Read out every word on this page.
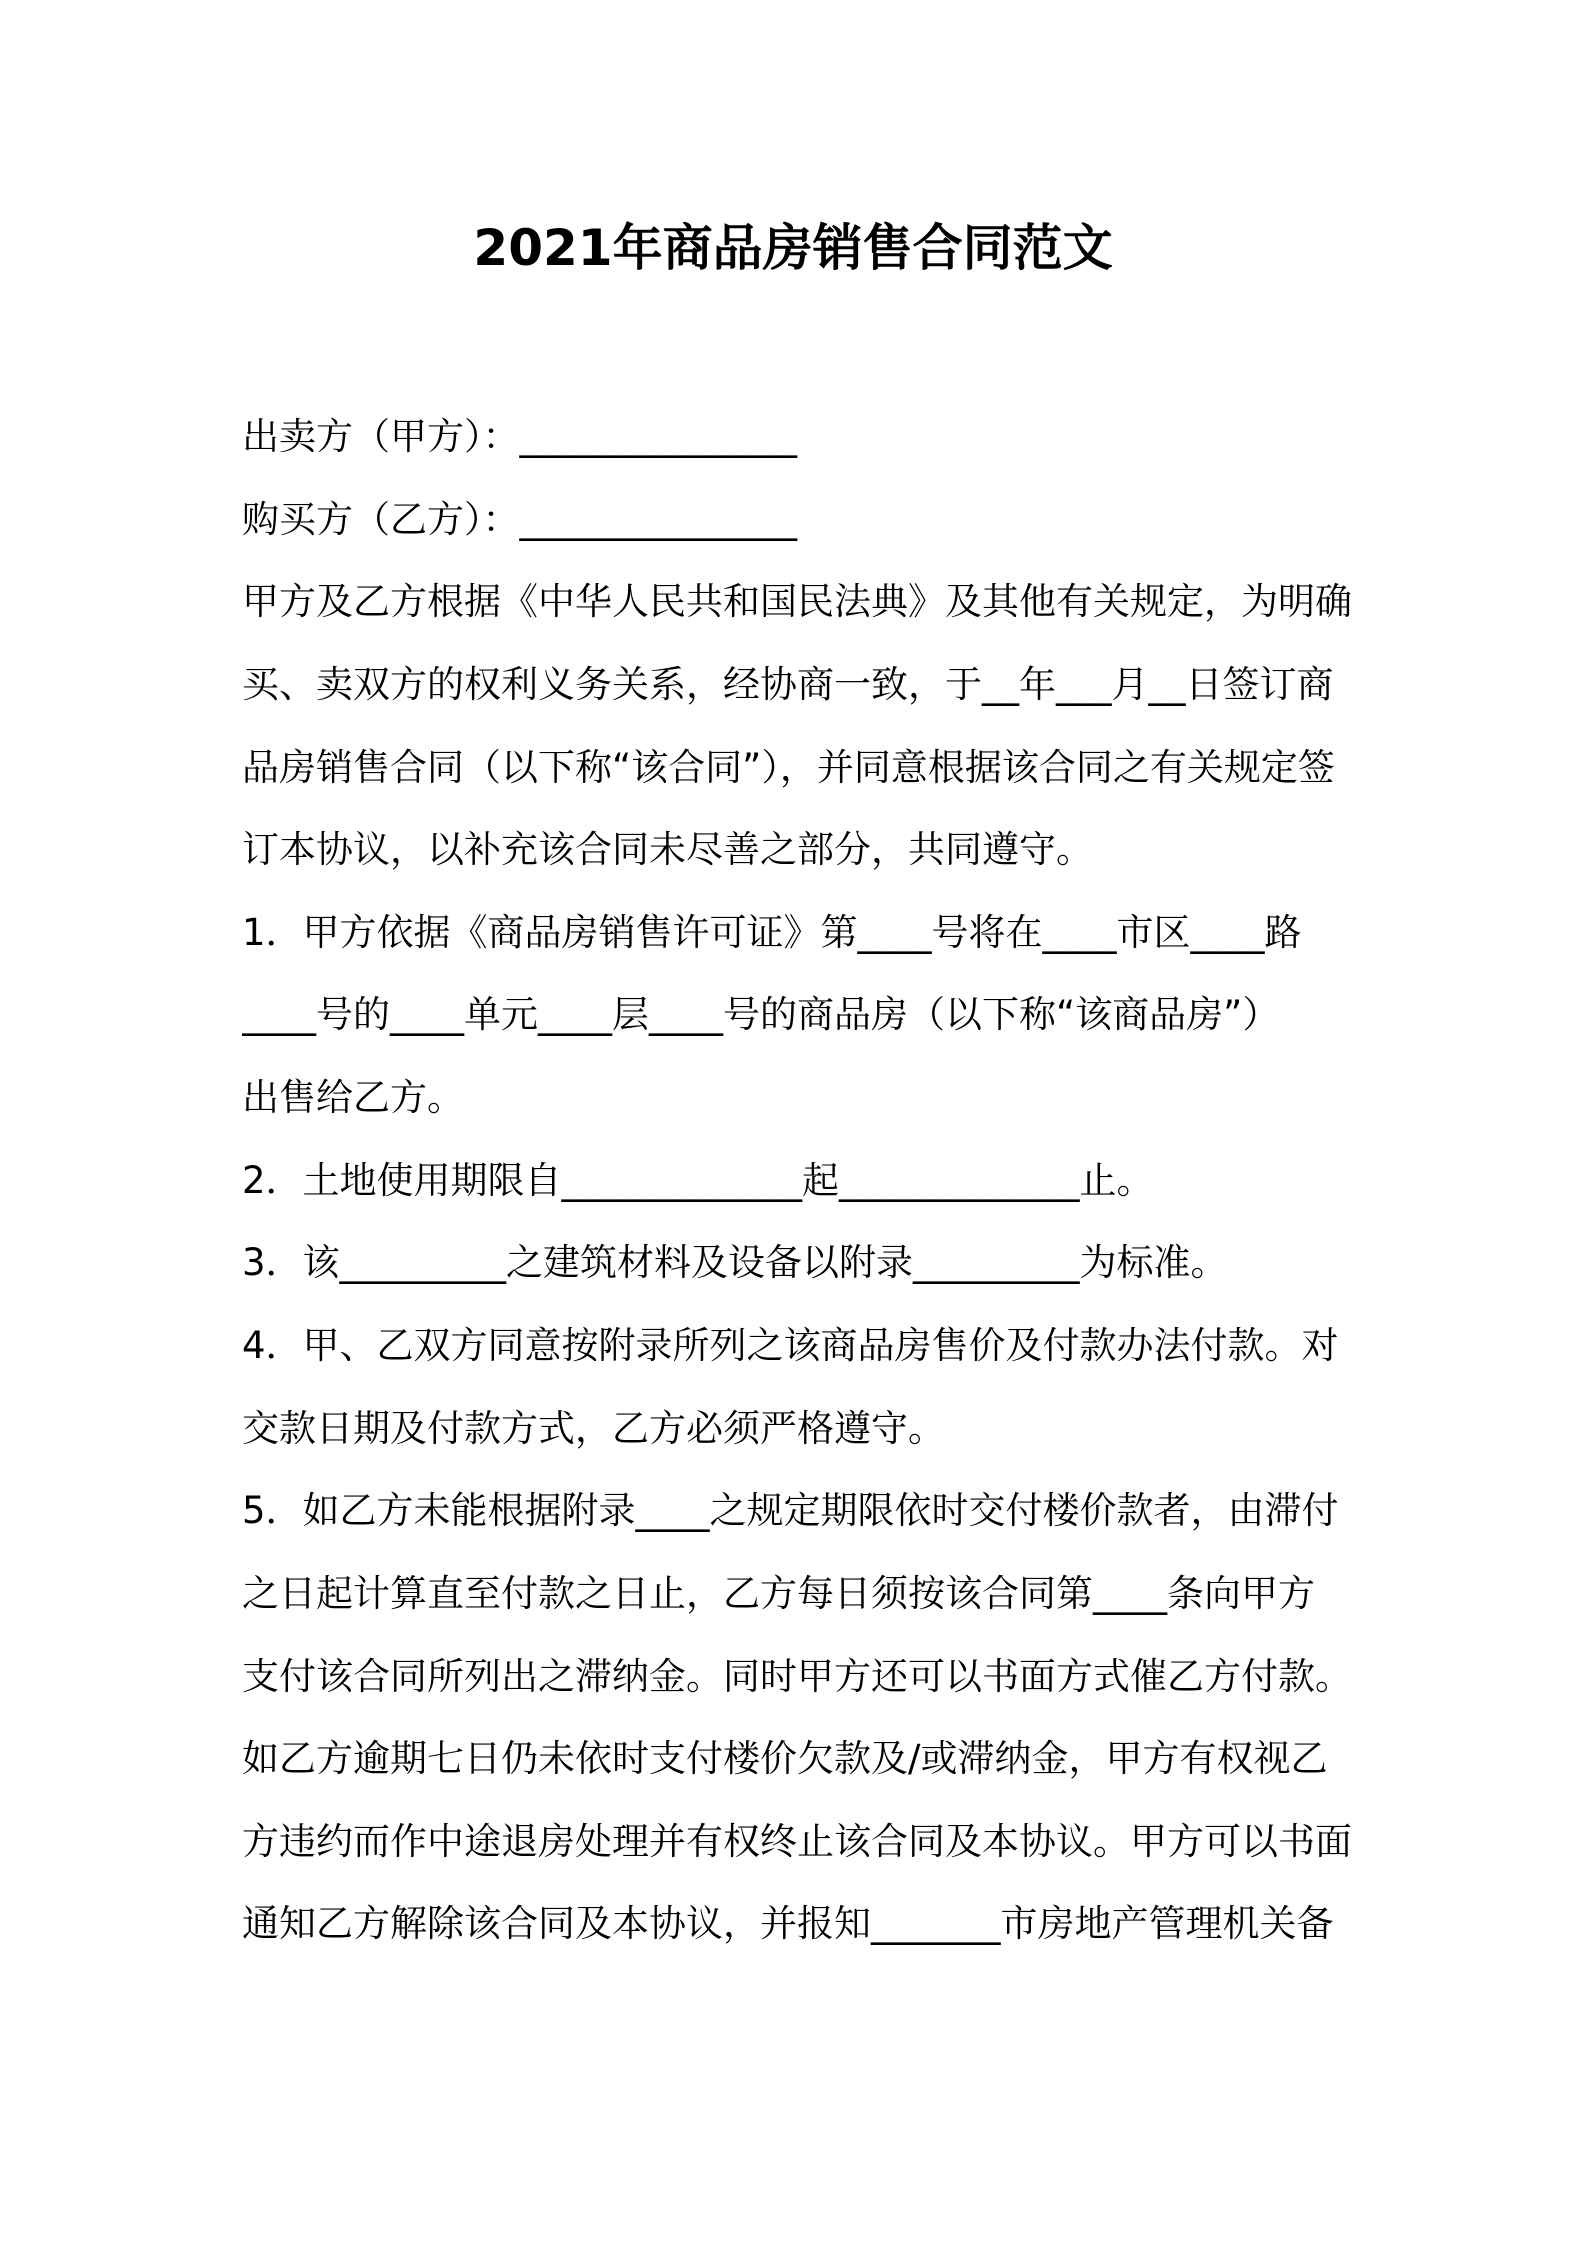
2021年商品房销售合同范文
出卖方（甲方）：_______________
购买方（乙方）：_______________
甲方及乙方根据《中华人民共和国民法典》及其他有关规定，为明确
买、卖双方的权利义务关系，经协商一致，于__年___月__日签订商
品房销售合同（以下称“该合同”），并同意根据该合同之有关规定签
订本协议，以补充该合同未尽善之部分，共同遵守。
1．甲方依据《商品房销售许可证》第____号将在____市区____路
____号的____单元____层____号的商品房（以下称“该商品房”）
出售给乙方。
2．土地使用期限自_____________起_____________止。
3．该_________之建筑材料及设备以附录_________为标准。
4．甲、乙双方同意按附录所列之该商品房售价及付款办法付款。对
交款日期及付款方式，乙方必须严格遵守。
5．如乙方未能根据附录____之规定期限依时交付楼价款者，由滞付
之日起计算直至付款之日止，乙方每日须按该合同第____条向甲方
支付该合同所列出之滞纳金。同时甲方还可以书面方式催乙方付款。
如乙方逾期七日仍未依时支付楼价欠款及/或滞纳金，甲方有权视乙
方违约而作中途退房处理并有权终止该合同及本协议。甲方可以书面
通知乙方解除该合同及本协议，并报知_______市房地产管理机关备
